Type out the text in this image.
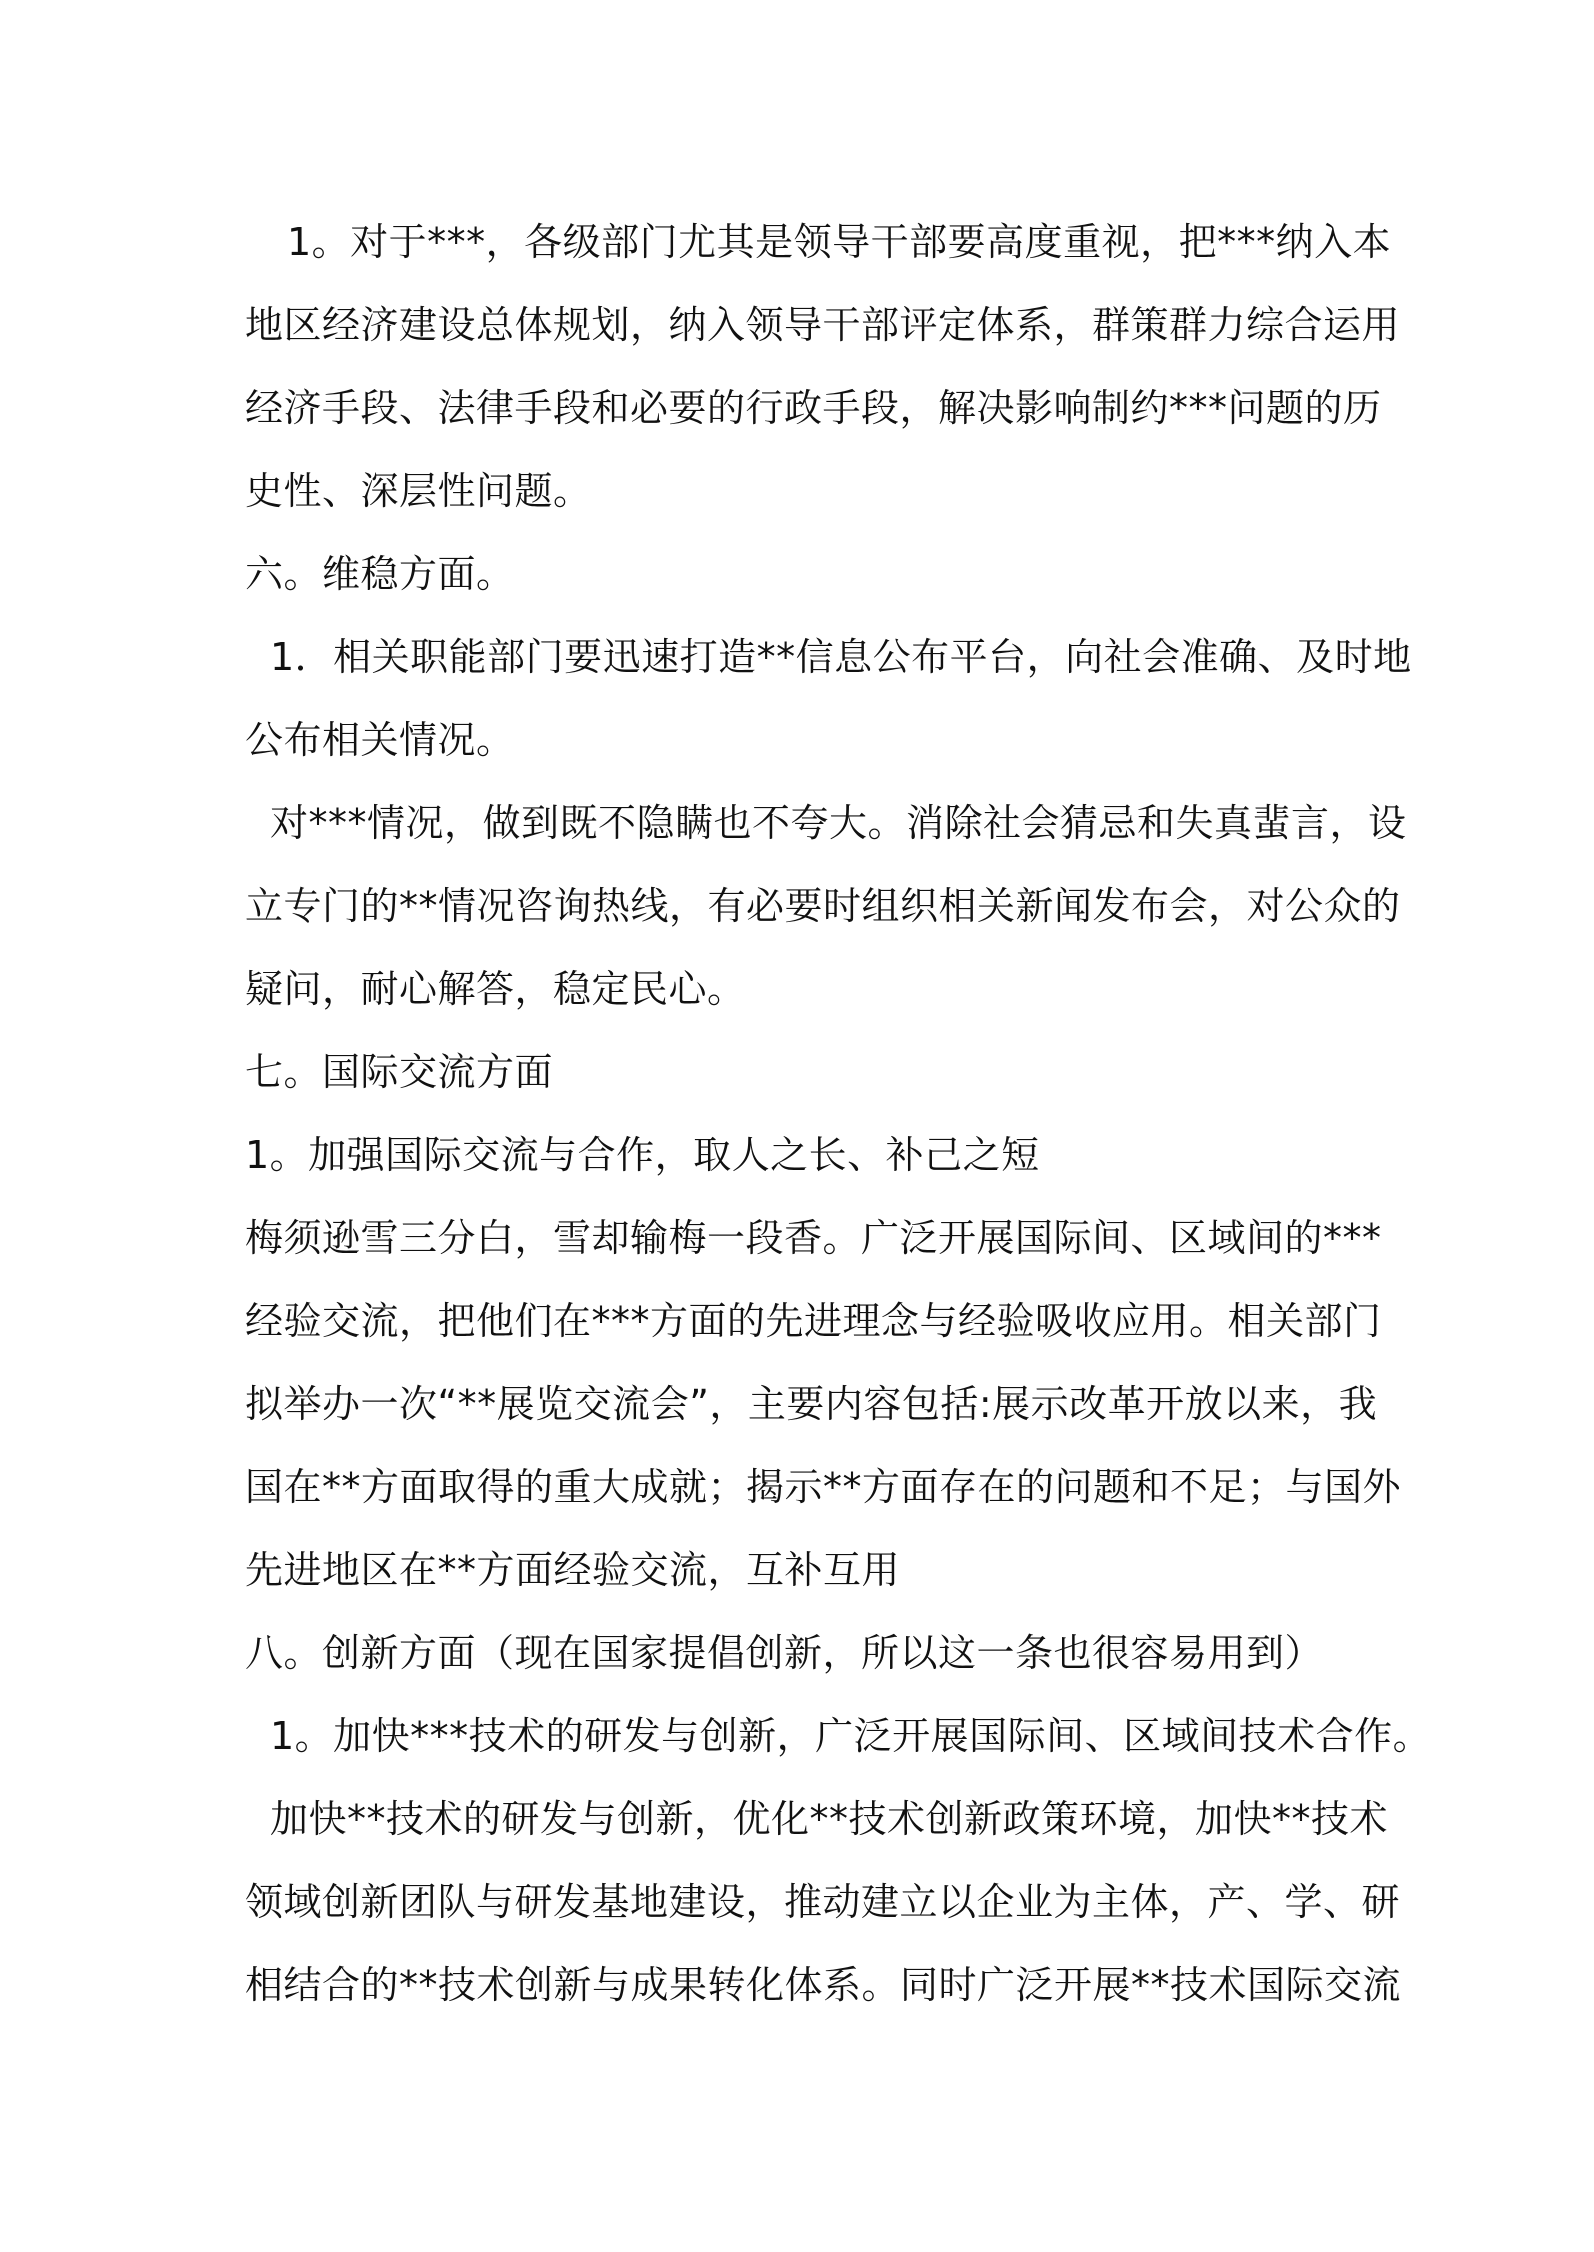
1。对于***，各级部门尤其是领导干部要高度重视，把***纳入本
地区经济建设总体规划，纳入领导干部评定体系，群策群力综合运用
经济手段、法律手段和必要的行政手段，解决影响制约***问题的历
史性、深层性问题。
六。维稳方面。
1．相关职能部门要迅速打造**信息公布平台，向社会准确、及时地
公布相关情况。
对***情况，做到既不隐瞒也不夸大。消除社会猜忌和失真蜚言，设
立专门的**情况咨询热线，有必要时组织相关新闻发布会，对公众的
疑问，耐心解答，稳定民心。
七。国际交流方面
1。加强国际交流与合作，取人之长、补己之短
梅须逊雪三分白，雪却输梅一段香。广泛开展国际间、区域间的***
经验交流，把他们在***方面的先进理念与经验吸收应用。相关部门
拟举办一次“**展览交流会”，主要内容包括:展示改革开放以来，我
国在**方面取得的重大成就；揭示**方面存在的问题和不足；与国外
先进地区在**方面经验交流，互补互用
八。创新方面（现在国家提倡创新，所以这一条也很容易用到）
1。加快***技术的研发与创新，广泛开展国际间、区域间技术合作。
加快**技术的研发与创新，优化**技术创新政策环境，加快**技术
领域创新团队与研发基地建设，推动建立以企业为主体，产、学、研
相结合的**技术创新与成果转化体系。同时广泛开展**技术国际交流
